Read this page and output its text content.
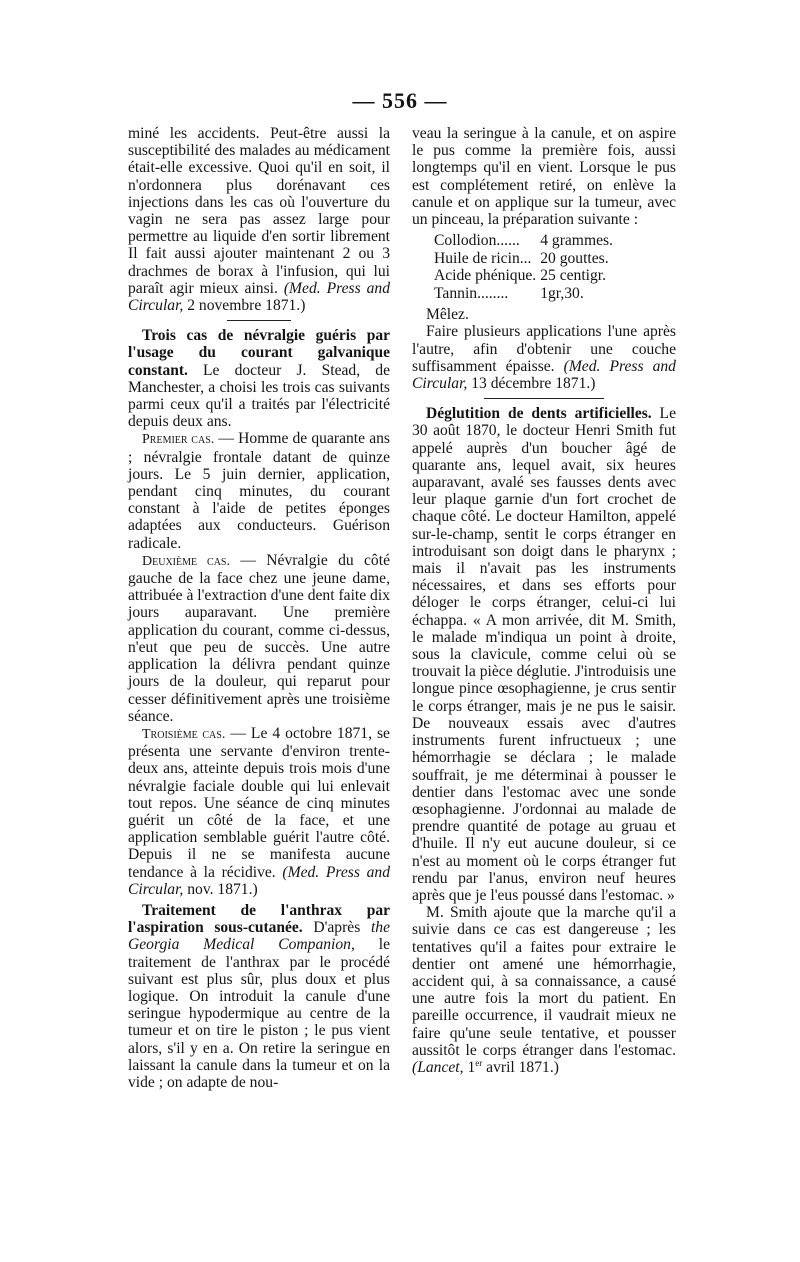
— 556 —

miné les accidents. Peut-être aussi la susceptibilité des malades au médicament était-elle excessive. Quoi qu'il en soit, il n'ordonnera plus dorénavant ces injections dans les cas où l'ouverture du vagin ne sera pas assez large pour permettre au liquide d'en sortir librement Il fait aussi ajouter maintenant 2 ou 3 drachmes de borax à l'infusion, qui lui paraît agir mieux ainsi. (Med. Press and Circular, 2 novembre 1871.)

Trois cas de névralgie guéris par l'usage du courant galvanique constant. Le docteur J. Stead, de Manchester, a choisi les trois cas suivants parmi ceux qu'il a traités par l'électricité depuis deux ans.

Premier cas. — Homme de quarante ans ; névralgie frontale datant de quinze jours. Le 5 juin dernier, application, pendant cinq minutes, du courant constant à l'aide de petites éponges adaptées aux conducteurs. Guérison radicale.

Deuxième cas. — Névralgie du côté gauche de la face chez une jeune dame, attribuée à l'extraction d'une dent faite dix jours auparavant. Une première application du courant, comme ci-dessus, n'eut que peu de succès. Une autre application la délivra pendant quinze jours de la douleur, qui reparut pour cesser définitivement après une troisième séance.

Troisième cas. — Le 4 octobre 1871, se présenta une servante d'environ trente-deux ans, atteinte depuis trois mois d'une névralgie faciale double qui lui enlevait tout repos. Une séance de cinq minutes guérit un côté de la face, et une application semblable guérit l'autre côté. Depuis il ne se manifesta aucune tendance à la récidive. (Med. Press and Circular, nov. 1871.)

Traitement de l'anthrax par l'aspiration sous-cutanée. D'après the Georgia Medical Companion, le traitement de l'anthrax par le procédé suivant est plus sûr, plus doux et plus logique. On introduit la canule d'une seringue hypodermique au centre de la tumeur et on tire le piston ; le pus vient alors, s'il y en a. On retire la seringue en laissant la canule dans la tumeur et on la vide ; on adapte de nou-

veau la seringue à la canule, et on aspire le pus comme la première fois, aussi longtemps qu'il en vient. Lorsque le pus est complétement retiré, on enlève la canule et on applique sur la tumeur, avec un pinceau, la préparation suivante :

Collodion......	4 grammes.
Huile de ricin...	20 gouttes.
Acide phénique.	25 centigr.
Tannin........	1gr,30.

Mêlez.

Faire plusieurs applications l'une après l'autre, afin d'obtenir une couche suffisamment épaisse. (Med. Press and Circular, 13 décembre 1871.)

Déglutition de dents artificielles. Le 30 août 1870, le docteur Henri Smith fut appelé auprès d'un boucher âgé de quarante ans, lequel avait, six heures auparavant, avalé ses fausses dents avec leur plaque garnie d'un fort crochet de chaque côté. Le docteur Hamilton, appelé sur-le-champ, sentit le corps étranger en introduisant son doigt dans le pharynx ; mais il n'avait pas les instruments nécessaires, et dans ses efforts pour déloger le corps étranger, celui-ci lui échappa. « A mon arrivée, dit M. Smith, le malade m'indiqua un point à droite, sous la clavicule, comme celui où se trouvait la pièce déglutie. J'introduisis une longue pince œsophagienne, je crus sentir le corps étranger, mais je ne pus le saisir. De nouveaux essais avec d'autres instruments furent infructueux ; une hémorrhagie se déclara ; le malade souffrait, je me déterminai à pousser le dentier dans l'estomac avec une sonde œsophagienne. J'ordonnai au malade de prendre quantité de potage au gruau et d'huile. Il n'y eut aucune douleur, si ce n'est au moment où le corps étranger fut rendu par l'anus, environ neuf heures après que je l'eus poussé dans l'estomac. »

M. Smith ajoute que la marche qu'il a suivie dans ce cas est dangereuse ; les tentatives qu'il a faites pour extraire le dentier ont amené une hémorrhagie, accident qui, à sa connaissance, a causé une autre fois la mort du patient. En pareille occurrence, il vaudrait mieux ne faire qu'une seule tentative, et pousser aussitôt le corps étranger dans l'estomac. (Lancet, 1er avril 1871.)
